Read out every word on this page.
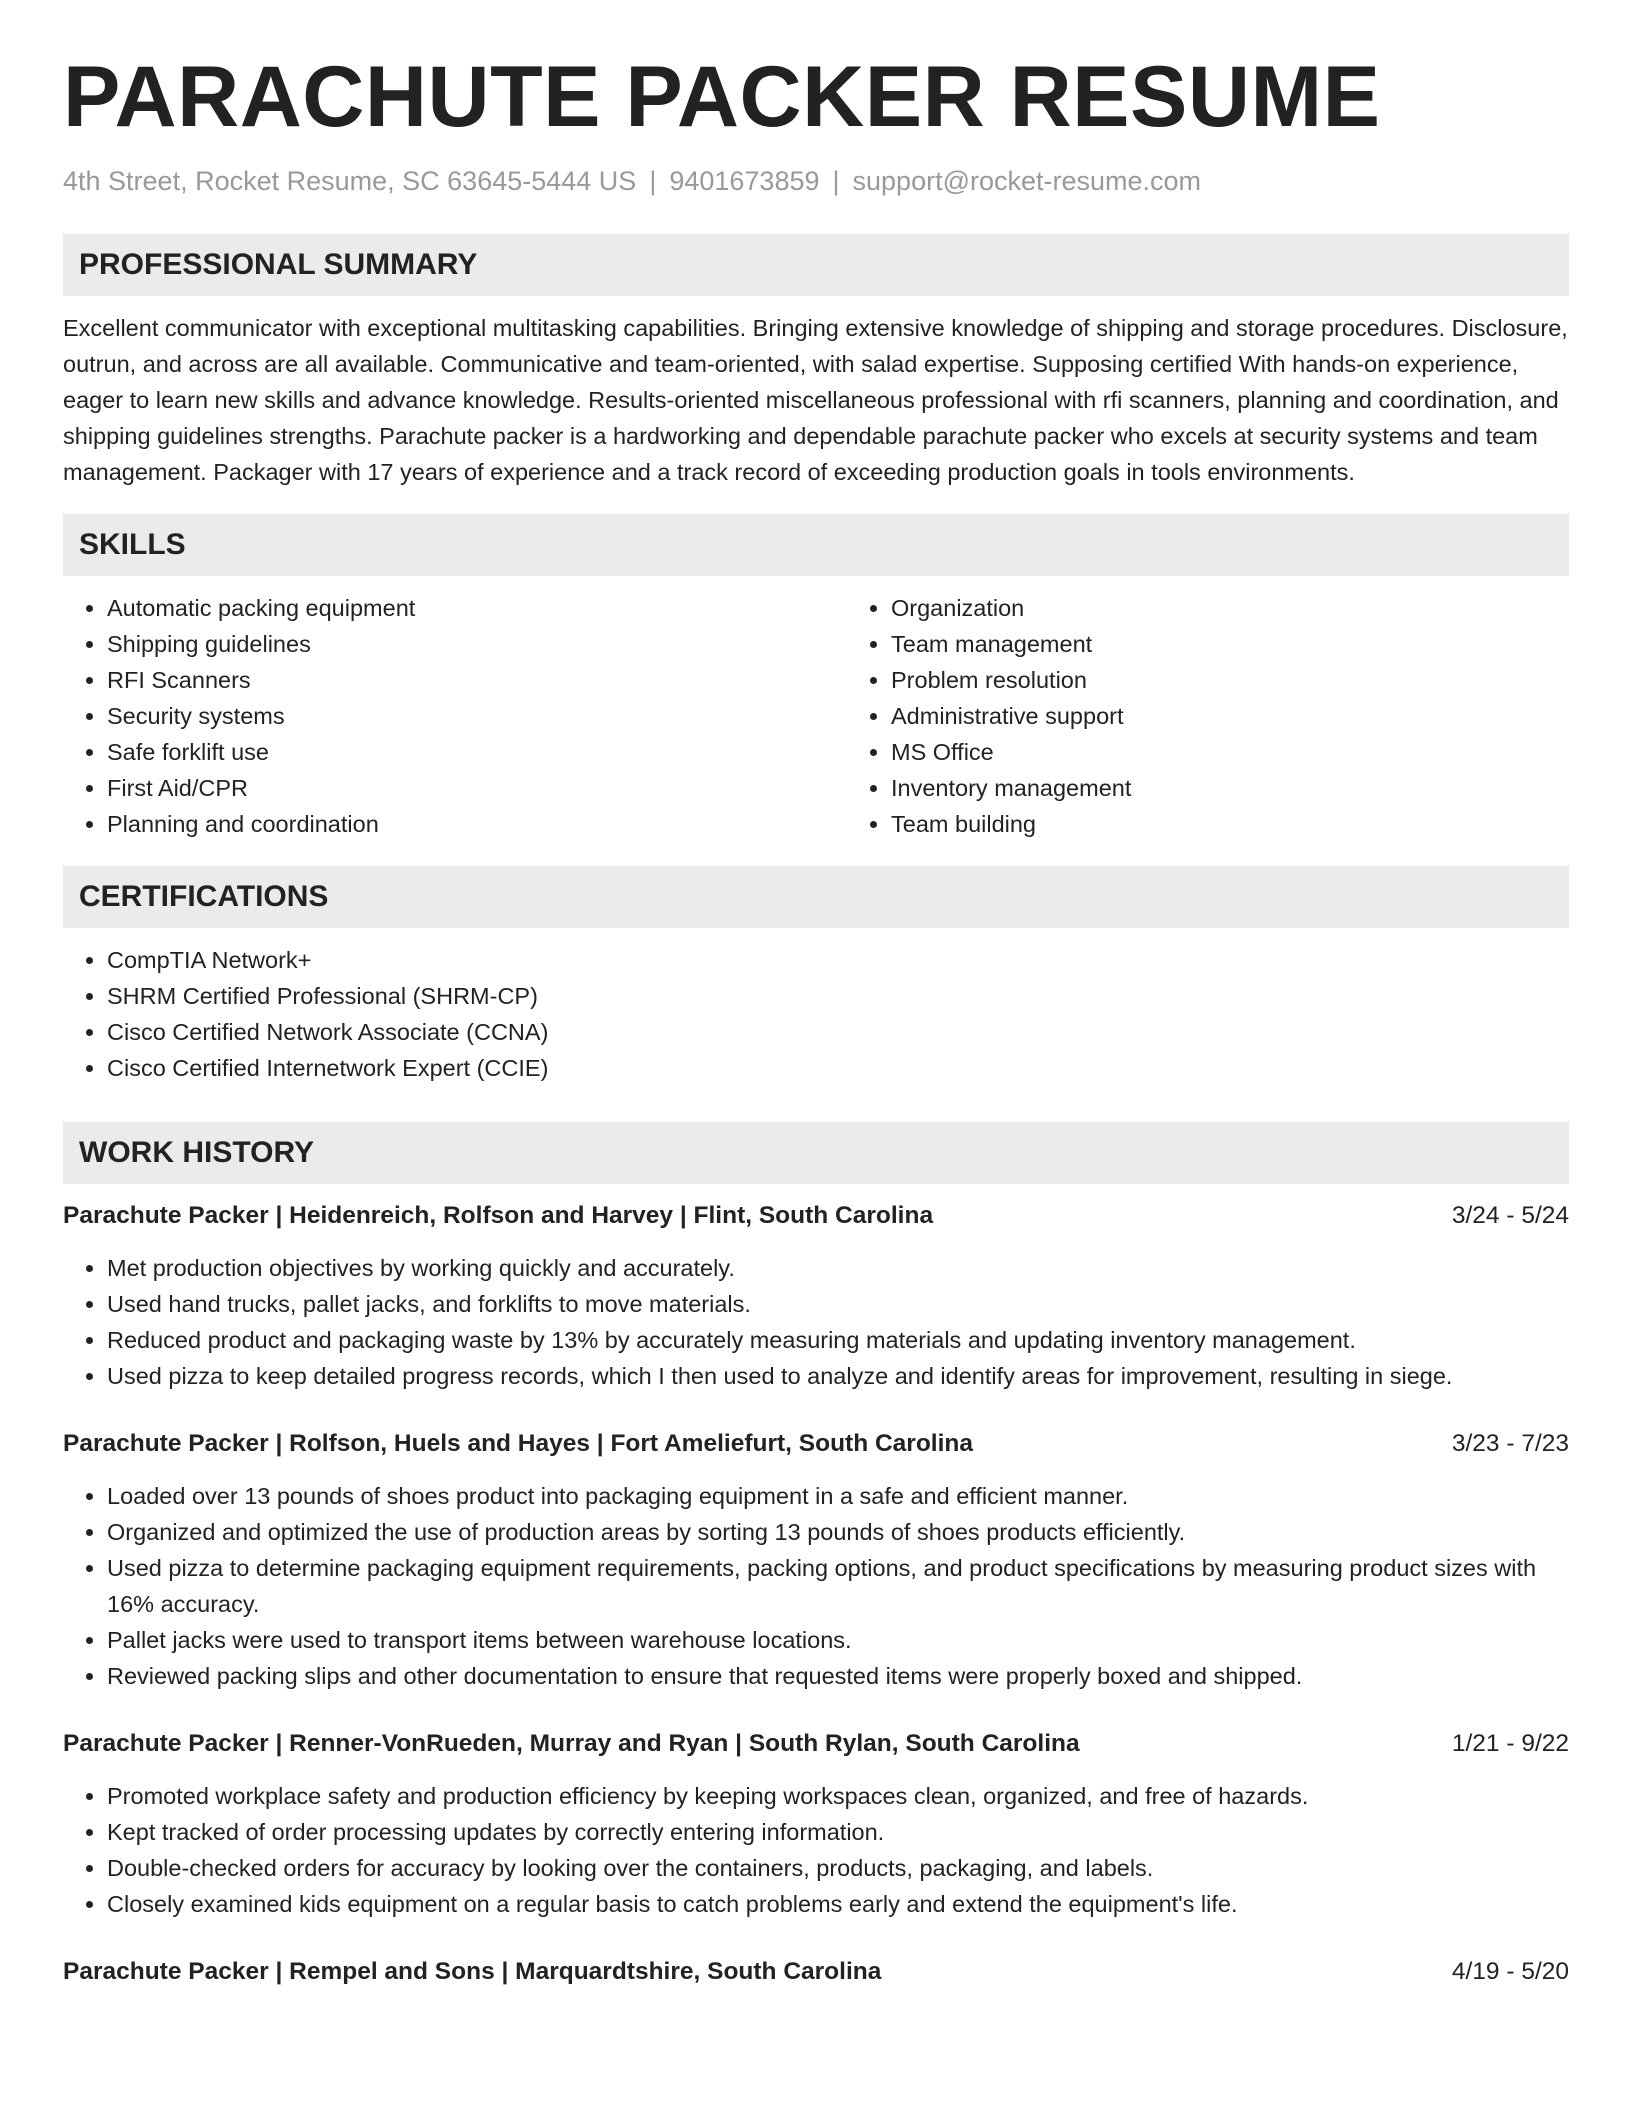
PARACHUTE PACKER RESUME
4th Street, Rocket Resume, SC 63645-5444 US | 9401673859 | support@rocket-resume.com
PROFESSIONAL SUMMARY

Excellent communicator with exceptional multitasking capabilities. Bringing extensive knowledge of shipping and storage procedures. Disclosure, outrun, and across are all available. Communicative and team-oriented, with salad expertise. Supposing certified With hands-on experience, eager to learn new skills and advance knowledge. Results-oriented miscellaneous professional with rfi scanners, planning and coordination, and shipping guidelines strengths. Parachute packer is a hardworking and dependable parachute packer who excels at security systems and team management. Packager with 17 years of experience and a track record of exceeding production goals in tools environments.

SKILLS
• Automatic packing equipment
• Shipping guidelines
• RFI Scanners
• Security systems
• Safe forklift use
• First Aid/CPR
• Planning and coordination
• Organization
• Team management
• Problem resolution
• Administrative support
• MS Office
• Inventory management
• Team building
CERTIFICATIONS
• CompTIA Network+
• SHRM Certified Professional (SHRM-CP)
• Cisco Certified Network Associate (CCNA)
• Cisco Certified Internetwork Expert (CCIE)
WORK HISTORY
Parachute Packer | Heidenreich, Rolfson and Harvey | Flint, South Carolina	3/24 - 5/24
• Met production objectives by working quickly and accurately.
• Used hand trucks, pallet jacks, and forklifts to move materials.
• Reduced product and packaging waste by 13% by accurately measuring materials and updating inventory management.
• Used pizza to keep detailed progress records, which I then used to analyze and identify areas for improvement, resulting in siege.
Parachute Packer | Rolfson, Huels and Hayes | Fort Ameliefurt, South Carolina	3/23 - 7/23
• Loaded over 13 pounds of shoes product into packaging equipment in a safe and efficient manner.
• Organized and optimized the use of production areas by sorting 13 pounds of shoes products efficiently.
• Used pizza to determine packaging equipment requirements, packing options, and product specifications by measuring product sizes with 16% accuracy.
• Pallet jacks were used to transport items between warehouse locations.
• Reviewed packing slips and other documentation to ensure that requested items were properly boxed and shipped.
Parachute Packer | Renner-VonRueden, Murray and Ryan | South Rylan, South Carolina	1/21 - 9/22
• Promoted workplace safety and production efficiency by keeping workspaces clean, organized, and free of hazards.
• Kept tracked of order processing updates by correctly entering information.
• Double-checked orders for accuracy by looking over the containers, products, packaging, and labels.
• Closely examined kids equipment on a regular basis to catch problems early and extend the equipment's life.
Parachute Packer | Rempel and Sons | Marquardtshire, South Carolina	4/19 - 5/20
